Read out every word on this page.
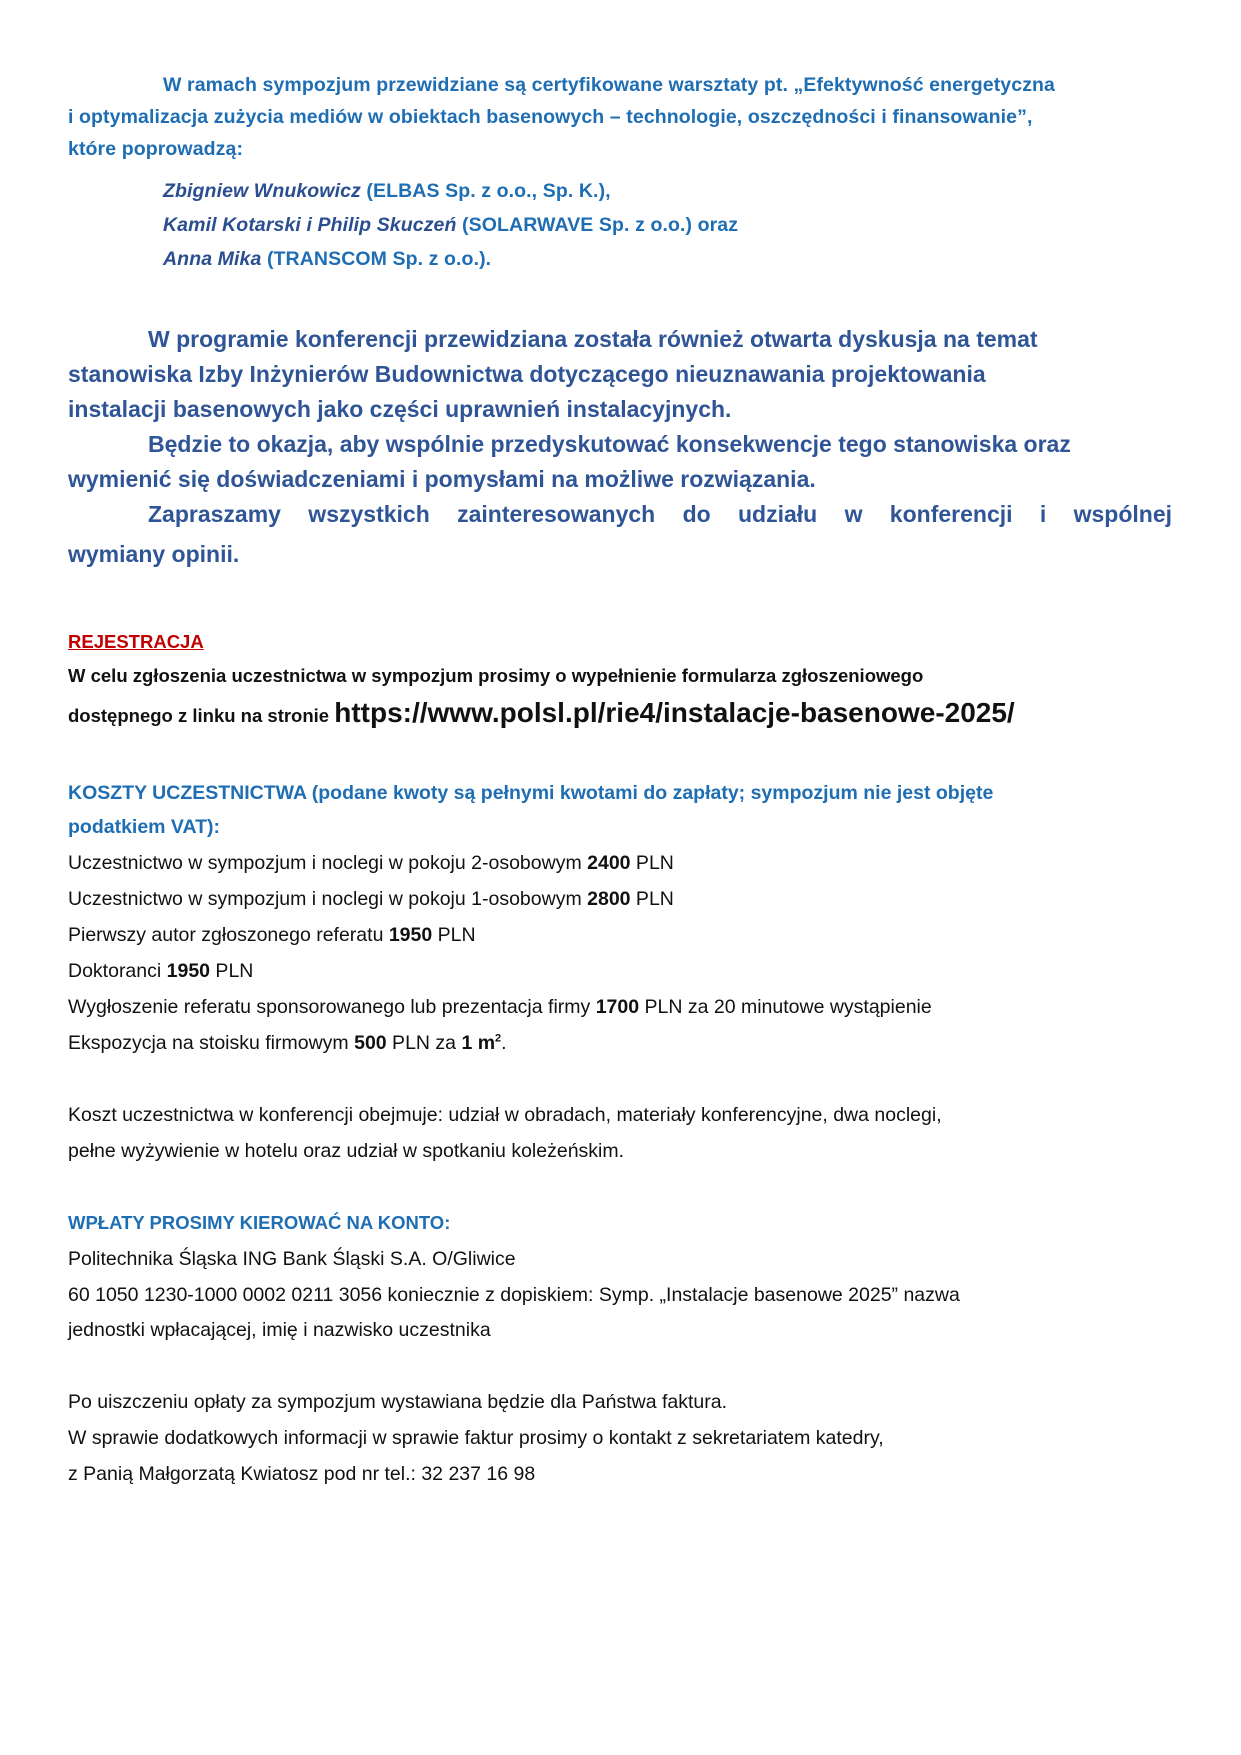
W ramach sympozjum przewidziane są certyfikowane warsztaty pt. „Efektywność energetyczna
i optymalizacja zużycia mediów w obiektach basenowych – technologie, oszczędności i finansowanie”,
które poprowadzą:
Zbigniew Wnukowicz (ELBAS Sp. z o.o., Sp. K.),
Kamil Kotarski i Philip Skuczeń (SOLARWAVE Sp. z o.o.) oraz
Anna Mika (TRANSCOM Sp. z o.o.).
W programie konferencji przewidziana została również otwarta dyskusja na temat
stanowiska Izby Inżynierów Budownictwa dotyczącego nieuznawania projektowania
instalacji basenowych jako części uprawnień instalacyjnych.
Będzie to okazja, aby wspólnie przedyskutować konsekwencje tego stanowiska oraz
wymienić się doświadczeniami i pomysłami na możliwe rozwiązania.
Zapraszamy wszystkich zainteresowanych do udziału w konferencji i wspólnej
wymiany opinii.
REJESTRACJA
W celu zgłoszenia uczestnictwa w sympozjum prosimy o wypełnienie formularza zgłoszeniowego
dostępnego z linku na stronie https://www.polsl.pl/rie4/instalacje-basenowe-2025/
KOSZTY UCZESTNICTWA (podane kwoty są pełnymi kwotami do zapłaty; sympozjum nie jest objęte
podatkiem VAT):
Uczestnictwo w sympozjum i noclegi w pokoju 2-osobowym 2400 PLN
Uczestnictwo w sympozjum i noclegi w pokoju 1-osobowym 2800 PLN
Pierwszy autor zgłoszonego referatu 1950 PLN
Doktoranci 1950 PLN
Wygłoszenie referatu sponsorowanego lub prezentacja firmy 1700 PLN za 20 minutowe wystąpienie
Ekspozycja na stoisku firmowym 500 PLN za 1 $m^2$.
Koszt uczestnictwa w konferencji obejmuje: udział w obradach, materiały konferencyjne, dwa noclegi,
pełne wyżywienie w hotelu oraz udział w spotkaniu koleżeńskim.
WPŁATY PROSIMY KIEROWAĆ NA KONTO:
Politechnika Śląska ING Bank Śląski S.A. O/Gliwice
60 1050 1230-1000 0002 0211 3056 koniecznie z dopiskiem: Symp. „Instalacje basenowe 2025” nazwa
jednostki wpłacającej, imię i nazwisko uczestnika
Po uiszczeniu opłaty za sympozjum wystawiana będzie dla Państwa faktura.
W sprawie dodatkowych informacji w sprawie faktur prosimy o kontakt z sekretariatem katedry,
z Panią Małgorzatą Kwiatosz pod nr tel.: 32 237 16 98
